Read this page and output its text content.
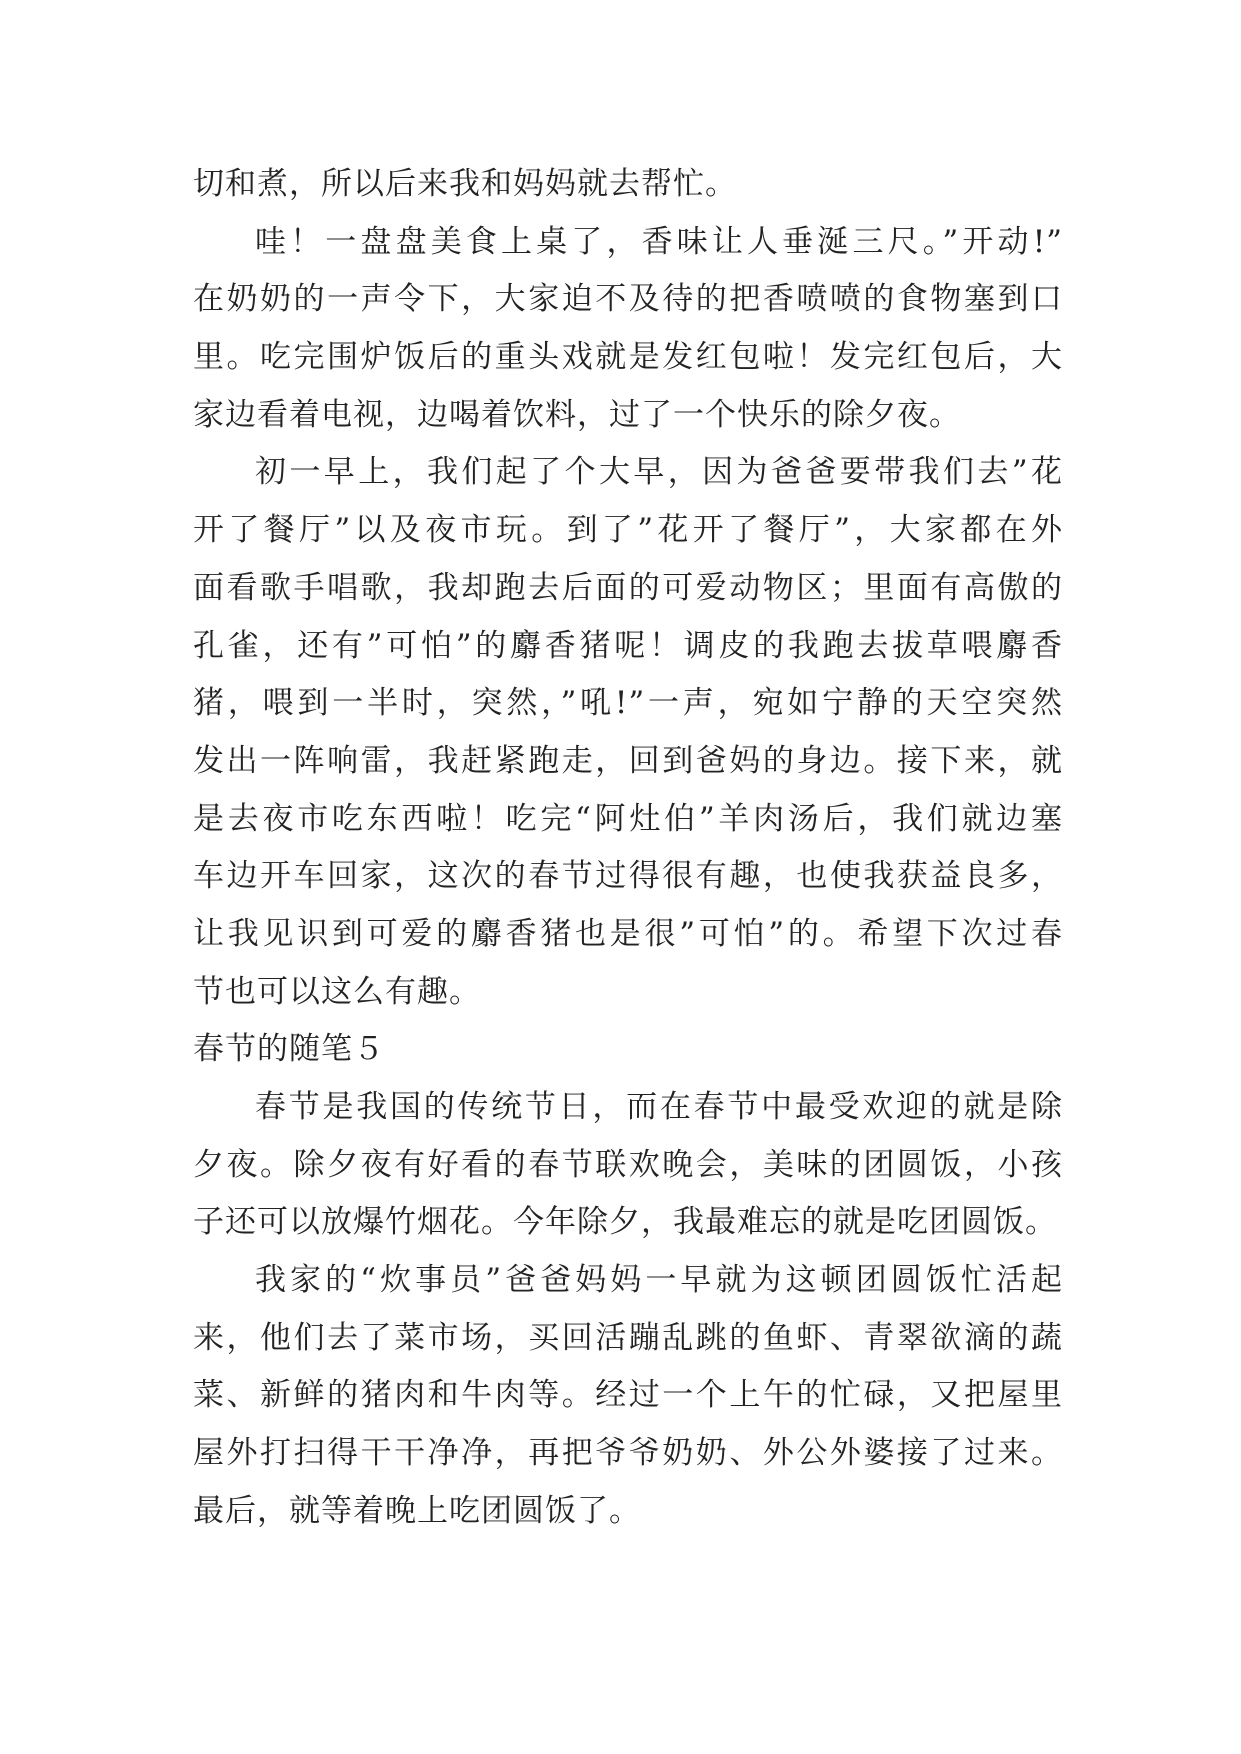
切和煮，所以后来我和妈妈就去帮忙。
哇！一盘盘美食上桌了，香味让人垂涎三尺。”开动!”
在奶奶的一声令下，大家迫不及待的把香喷喷的食物塞到口
里。吃完围炉饭后的重头戏就是发红包啦！发完红包后，大
家边看着电视，边喝着饮料，过了一个快乐的除夕夜。
初一早上，我们起了个大早，因为爸爸要带我们去”花
开了餐厅”以及夜市玩。到了”花开了餐厅”，大家都在外
面看歌手唱歌，我却跑去后面的可爱动物区；里面有高傲的
孔雀，还有”可怕”的麝香猪呢！调皮的我跑去拔草喂麝香
猪，喂到一半时，突然，”吼!”一声，宛如宁静的天空突然
发出一阵响雷，我赶紧跑走，回到爸妈的身边。接下来，就
是去夜市吃东西啦！吃完“阿灶伯”羊肉汤后，我们就边塞
车边开车回家，这次的春节过得很有趣，也使我获益良多，
让我见识到可爱的麝香猪也是很”可怕”的。希望下次过春
节也可以这么有趣。
春节的随笔５
春节是我国的传统节日，而在春节中最受欢迎的就是除
夕夜。除夕夜有好看的春节联欢晚会，美味的团圆饭，小孩
子还可以放爆竹烟花。今年除夕，我最难忘的就是吃团圆饭。
我家的“炊事员”爸爸妈妈一早就为这顿团圆饭忙活起
来，他们去了菜市场，买回活蹦乱跳的鱼虾、青翠欲滴的蔬
菜、新鲜的猪肉和牛肉等。经过一个上午的忙碌，又把屋里
屋外打扫得干干净净，再把爷爷奶奶、外公外婆接了过来。
最后，就等着晚上吃团圆饭了。
